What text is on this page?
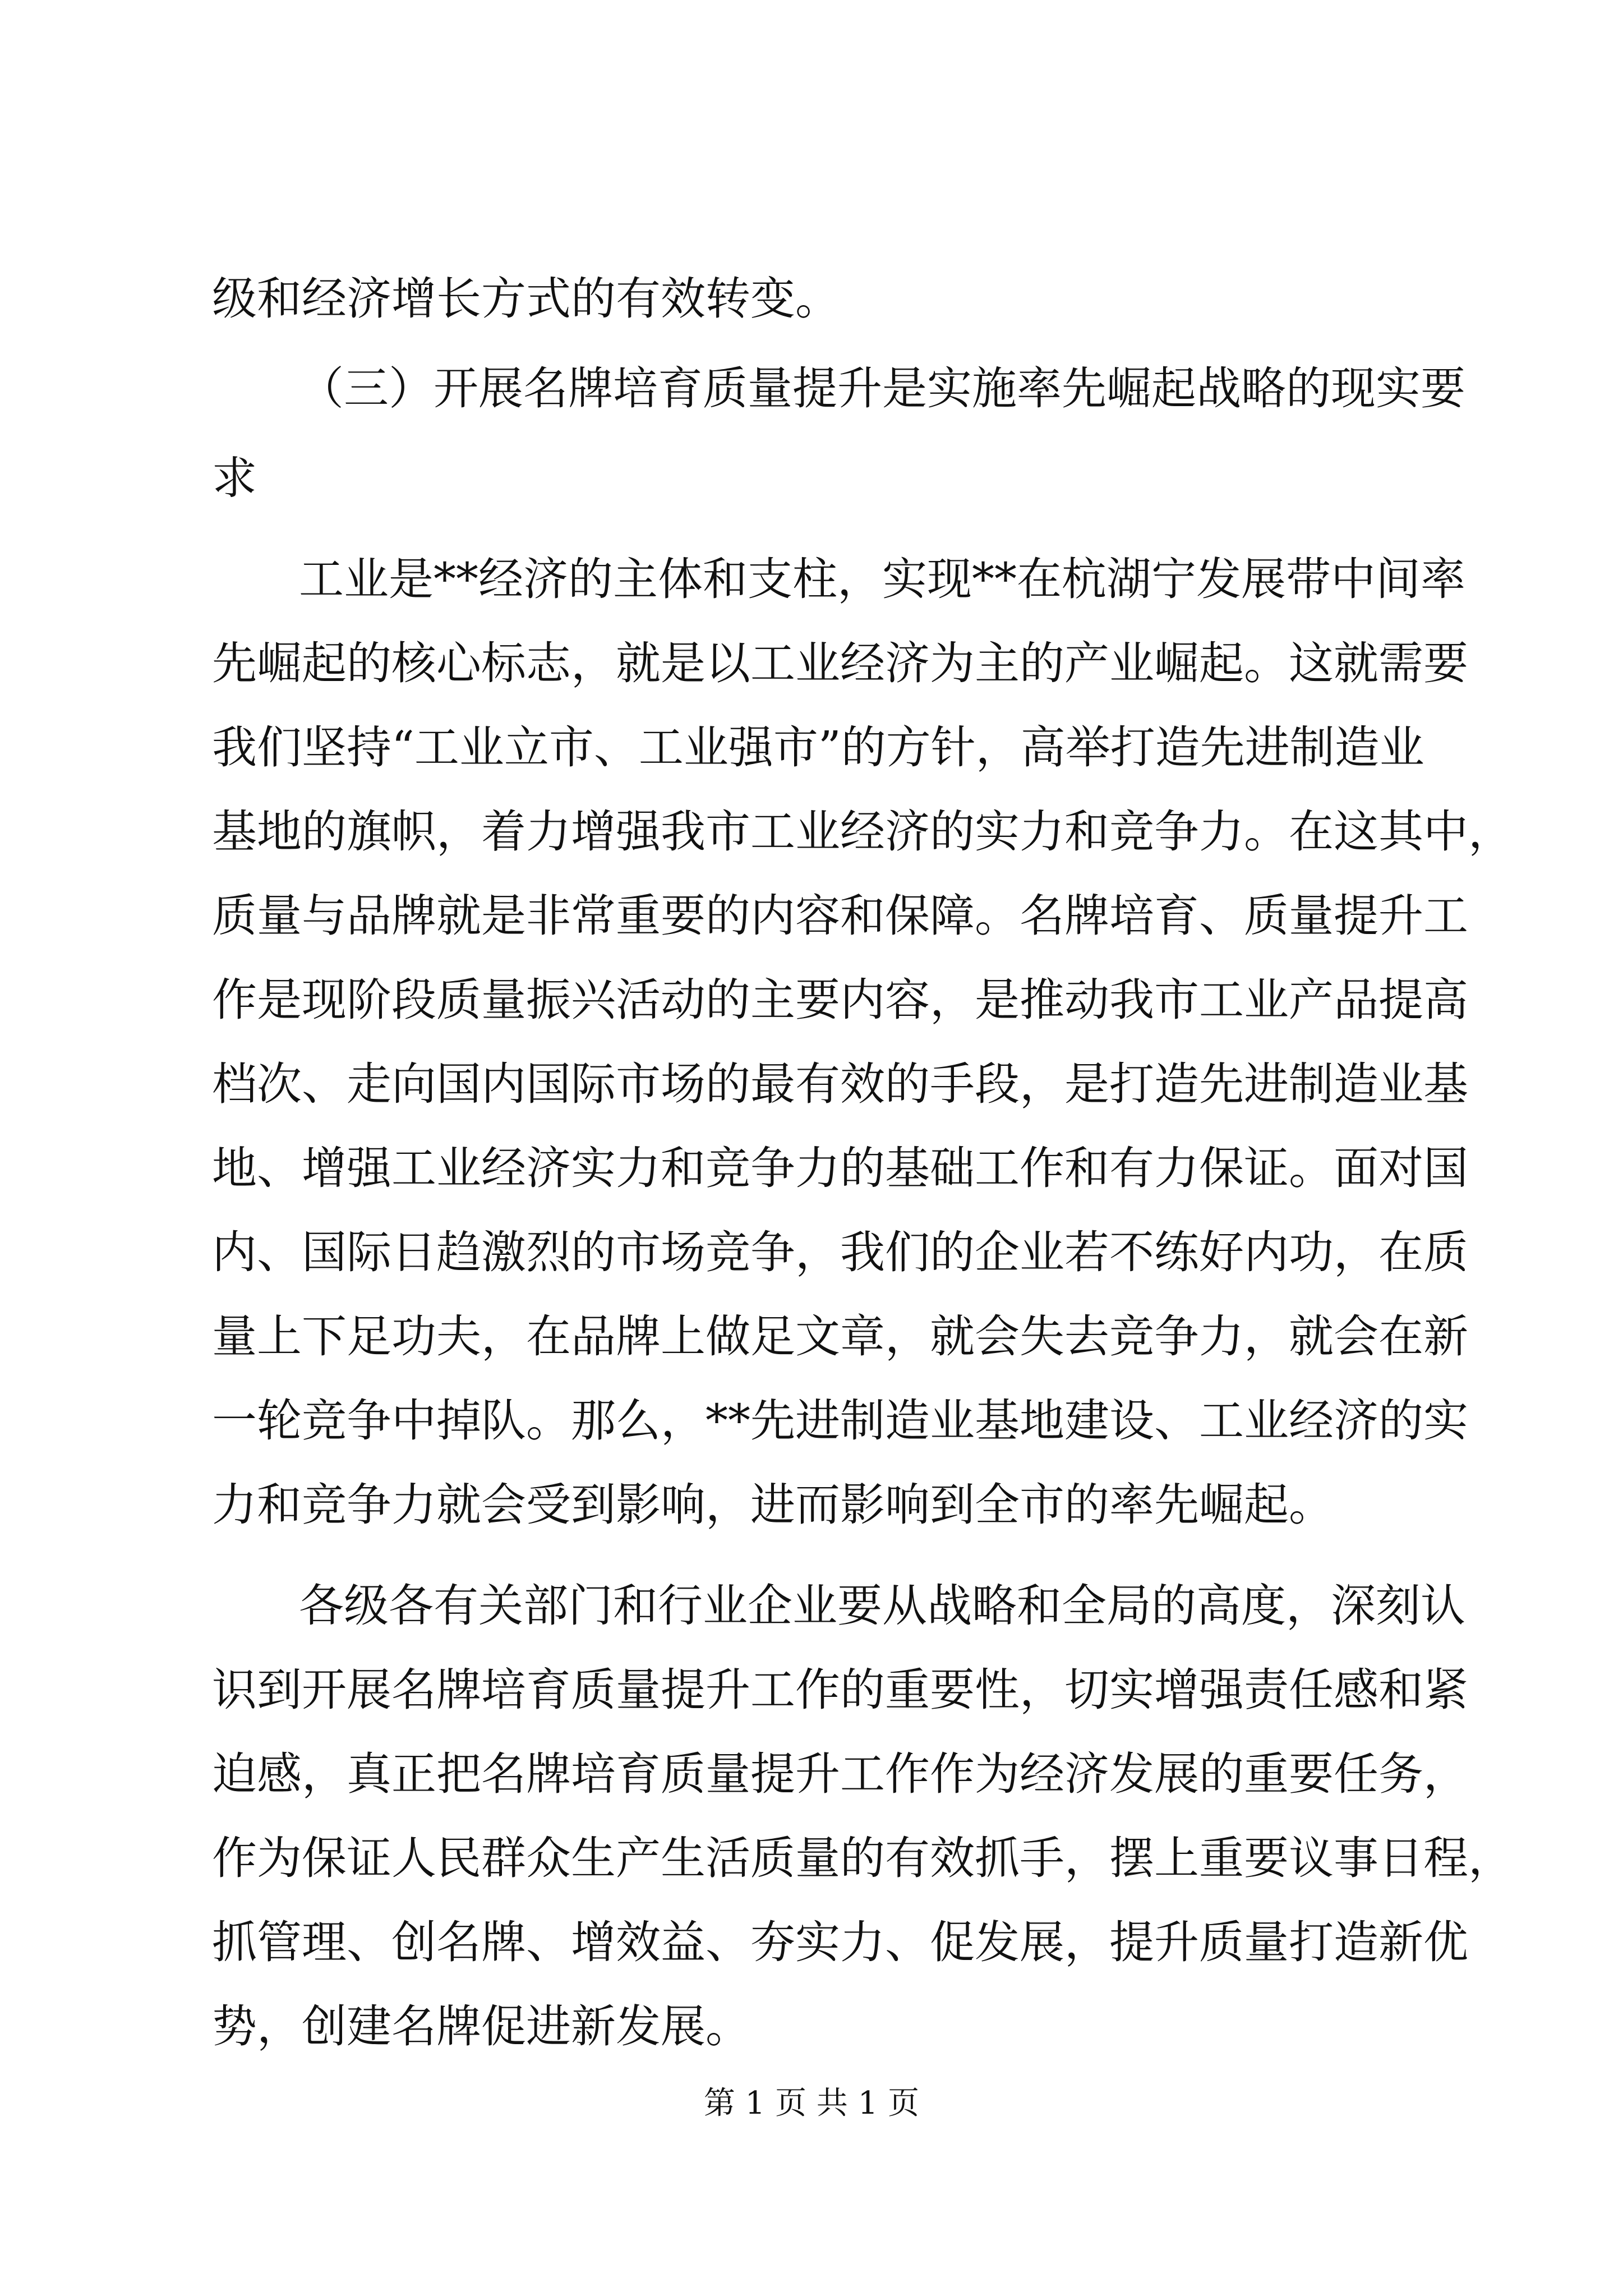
级和经济增长方式的有效转变。
（三）开展名牌培育质量提升是实施率先崛起战略的现实要
求
工业是**经济的主体和支柱，实现**在杭湖宁发展带中间率
先崛起的核心标志，就是以工业经济为主的产业崛起。这就需要
我们坚持“工业立市、工业强市”的方针，高举打造先进制造业
基地的旗帜，着力增强我市工业经济的实力和竞争力。在这其中，
质量与品牌就是非常重要的内容和保障。名牌培育、质量提升工
作是现阶段质量振兴活动的主要内容，是推动我市工业产品提高
档次、走向国内国际市场的最有效的手段，是打造先进制造业基
地、增强工业经济实力和竞争力的基础工作和有力保证。面对国
内、国际日趋激烈的市场竞争，我们的企业若不练好内功，在质
量上下足功夫，在品牌上做足文章，就会失去竞争力，就会在新
一轮竞争中掉队。那么，**先进制造业基地建设、工业经济的实
力和竞争力就会受到影响，进而影响到全市的率先崛起。
各级各有关部门和行业企业要从战略和全局的高度，深刻认
识到开展名牌培育质量提升工作的重要性，切实增强责任感和紧
迫感，真正把名牌培育质量提升工作作为经济发展的重要任务，
作为保证人民群众生产生活质量的有效抓手，摆上重要议事日程，
抓管理、创名牌、增效益、夯实力、促发展，提升质量打造新优
势，创建名牌促进新发展。
第 1 页 共 1 页
